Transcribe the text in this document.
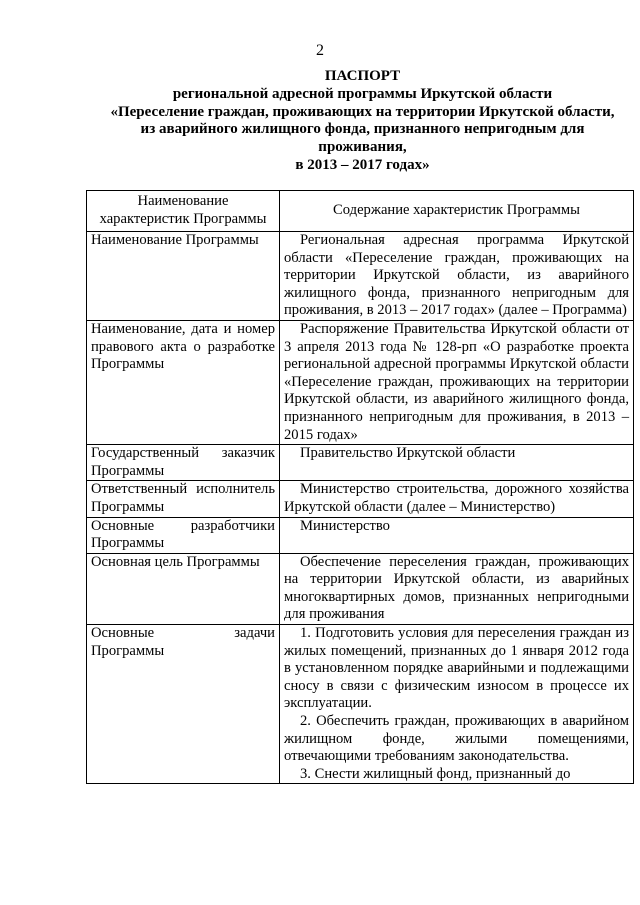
2
ПАСПОРТ
региональной адресной программы Иркутской области
«Переселение граждан, проживающих на территории Иркутской области,
из аварийного жилищного фонда, признанного непригодным для
проживания,
в 2013 – 2017 годах»
Наименование характеристик Программы	Содержание характеристик Программы
Наименование Программы	Региональная адресная программа Иркутской области «Переселение граждан, проживающих на территории Иркутской области, из аварийного жилищного фонда, признанного непригодным для проживания, в 2013 – 2017 годах» (далее – Программа)
Наименование, дата и номер правового акта о разработке Программы	Распоряжение Правительства Иркутской области от 3 апреля 2013 года № 128-рп «О разработке проекта региональной адресной программы Иркутской области «Переселение граждан, проживающих на территории Иркутской области, из аварийного жилищного фонда, признанного непригодным для проживания, в 2013 – 2015 годах»
Государственный заказчик Программы	Правительство Иркутской области
Ответственный исполнитель Программы	Министерство строительства, дорожного хозяйства Иркутской области (далее – Министерство)
Основные разработчики Программы	Министерство
Основная цель Программы	Обеспечение переселения граждан, проживающих на территории Иркутской области, из аварийных многоквартирных домов, признанных непригодными для проживания
Основные задачи Программы	1. Подготовить условия для переселения граждан из жилых помещений, признанных до 1 января 2012 года в установленном порядке аварийными и подлежащими сносу в связи с физическим износом в процессе их эксплуатации.

2. Обеспечить граждан, проживающих в аварийном жилищном фонде, жилыми помещениями, отвечающими требованиям законодательства.

3. Снести жилищный фонд, признанный до
